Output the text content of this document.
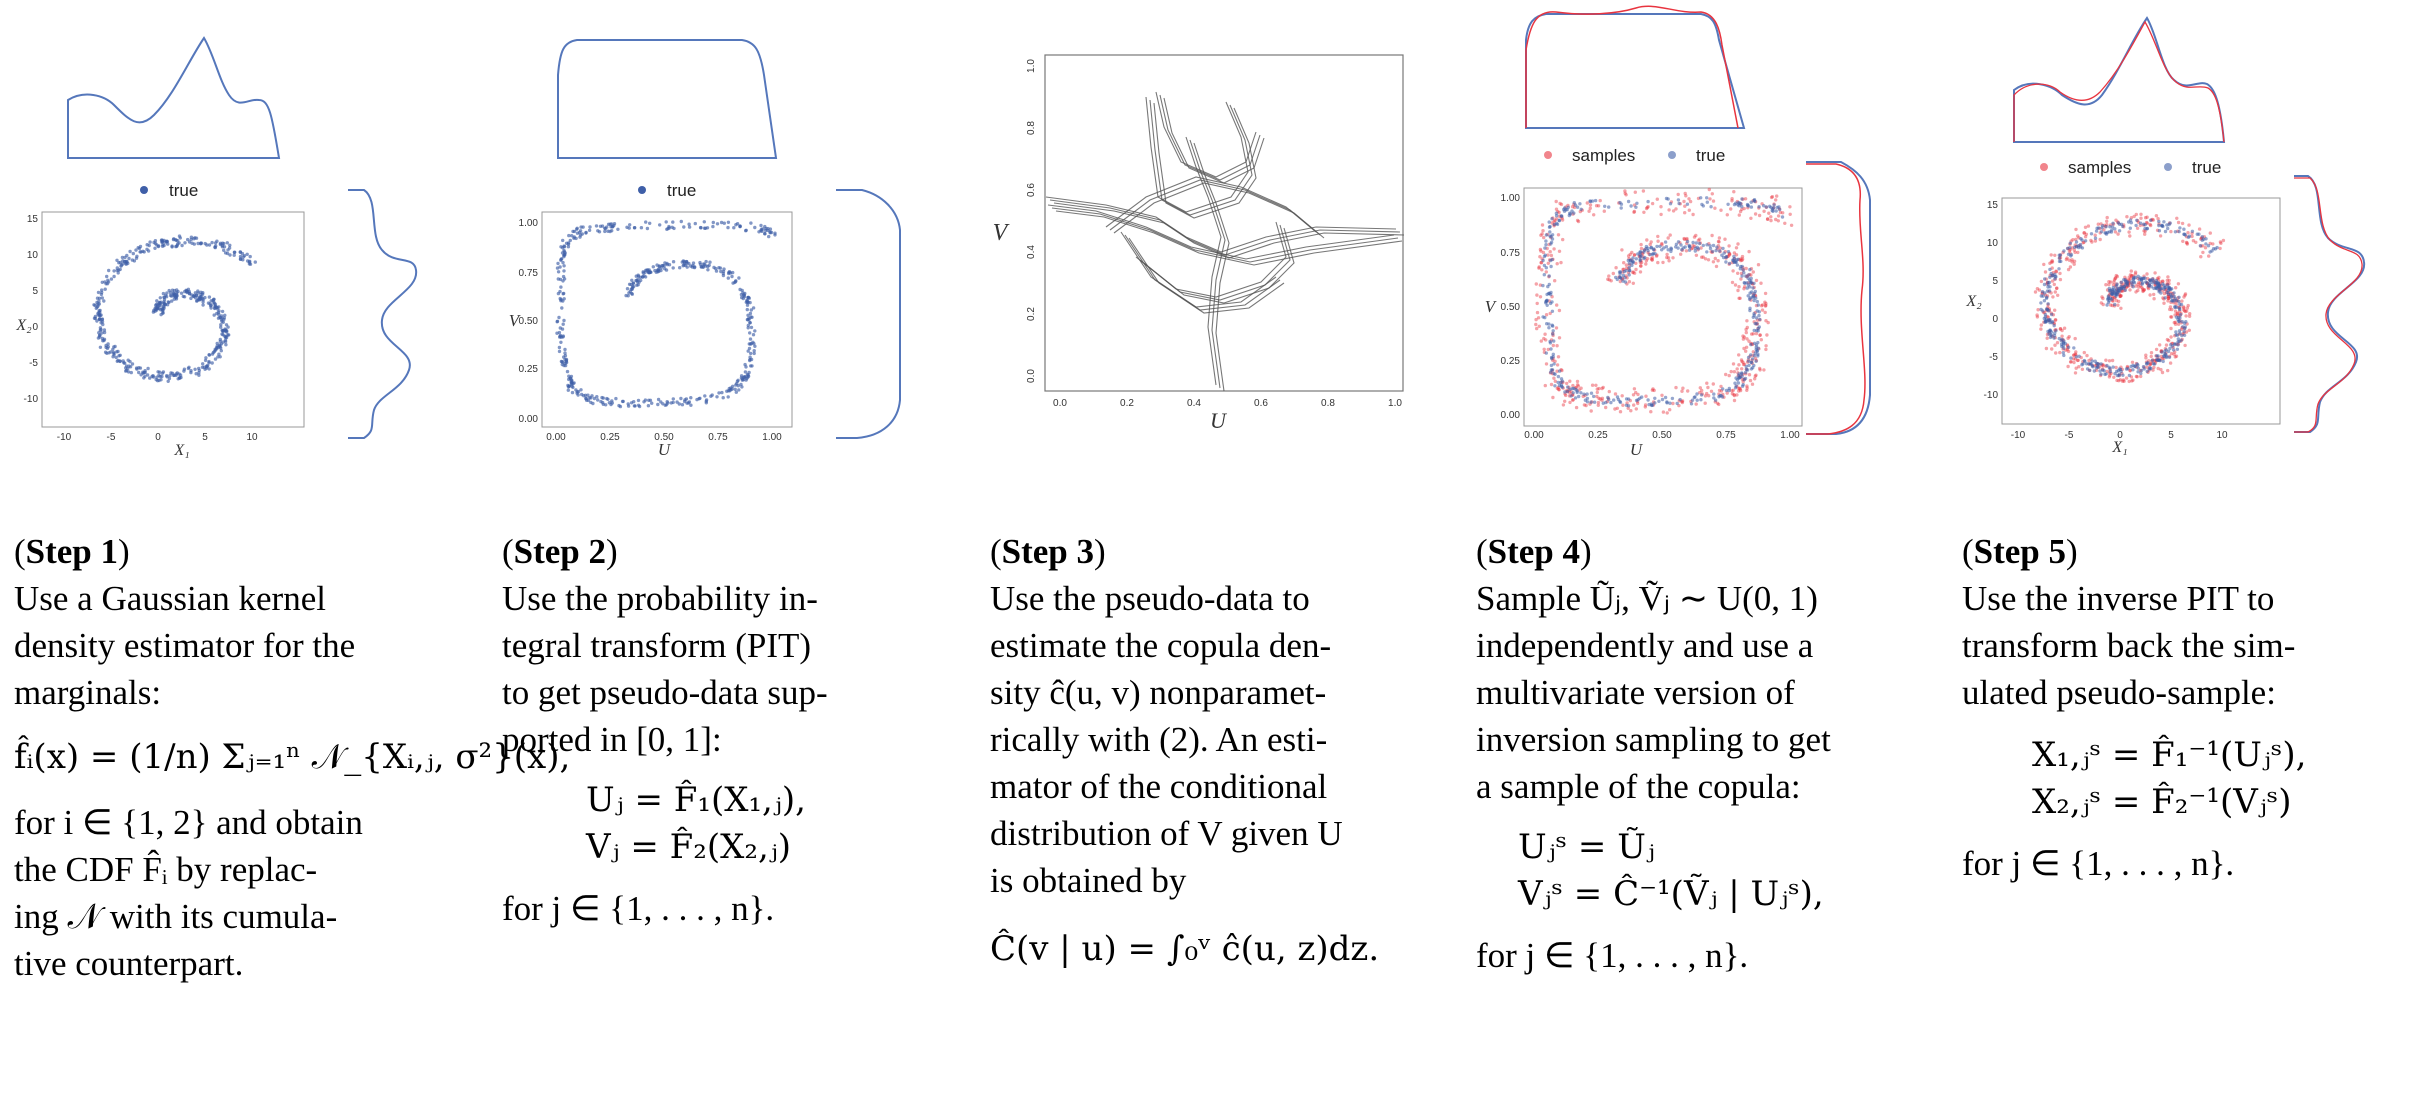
true
15
10
5
0
-5
-10
-10	-5	0	5	10
X₁
X₂
(Step 1)
Use a Gaussian kernel
density estimator for the
marginals:
f̂ᵢ(x) = (1/n) Σⱼ₌₁ⁿ 𝒩_{Xᵢ,ⱼ, σ²}(x),
for i ∈ {1, 2} and obtain
the CDF F̂ᵢ by replac-
ing 𝒩 with its cumula-
tive counterpart.
true
1.00
0.75
0.50
0.25
0.00
0.00	0.25	0.50	0.75	1.00
U
V
(Step 2)
Use the probability in-
tegral transform (PIT)
to get pseudo-data sup-
ported in [0, 1]:
Uⱼ = F̂₁(X₁,ⱼ),
Vⱼ = F̂₂(X₂,ⱼ)
for j ∈ {1, . . . , n}.
0.0	0.2	0.4	0.6	0.8	1.0
0.0
0.2
0.4
0.6
0.8
1.0
U
V
(Step 3)
Use the pseudo-data to
estimate the copula den-
sity ĉ(u, v) nonparamet-
rically with (2). An esti-
mator of the conditional
distribution of V given U
is obtained by
Ĉ(v | u) = ∫₀ᵛ ĉ(u, z)dz.
samples	true
1.00
0.75
0.50
0.25
0.00
0.00	0.25	0.50	0.75	1.00
U
V
(Step 4)
Sample Ũⱼ, Ṽⱼ ∼ U(0, 1)
independently and use a
multivariate version of
inversion sampling to get
a sample of the copula:
Uⱼˢ = Ũⱼ
Vⱼˢ = Ĉ⁻¹(Ṽⱼ | Uⱼˢ),
for j ∈ {1, . . . , n}.
samples	true
15
10
5
0
-5
-10
-10	-5	0	5	10
X₁
X₂
(Step 5)
Use the inverse PIT to
transform back the sim-
ulated pseudo-sample:
X₁,ⱼˢ = F̂₁⁻¹(Uⱼˢ),
X₂,ⱼˢ = F̂₂⁻¹(Vⱼˢ)
for j ∈ {1, . . . , n}.
